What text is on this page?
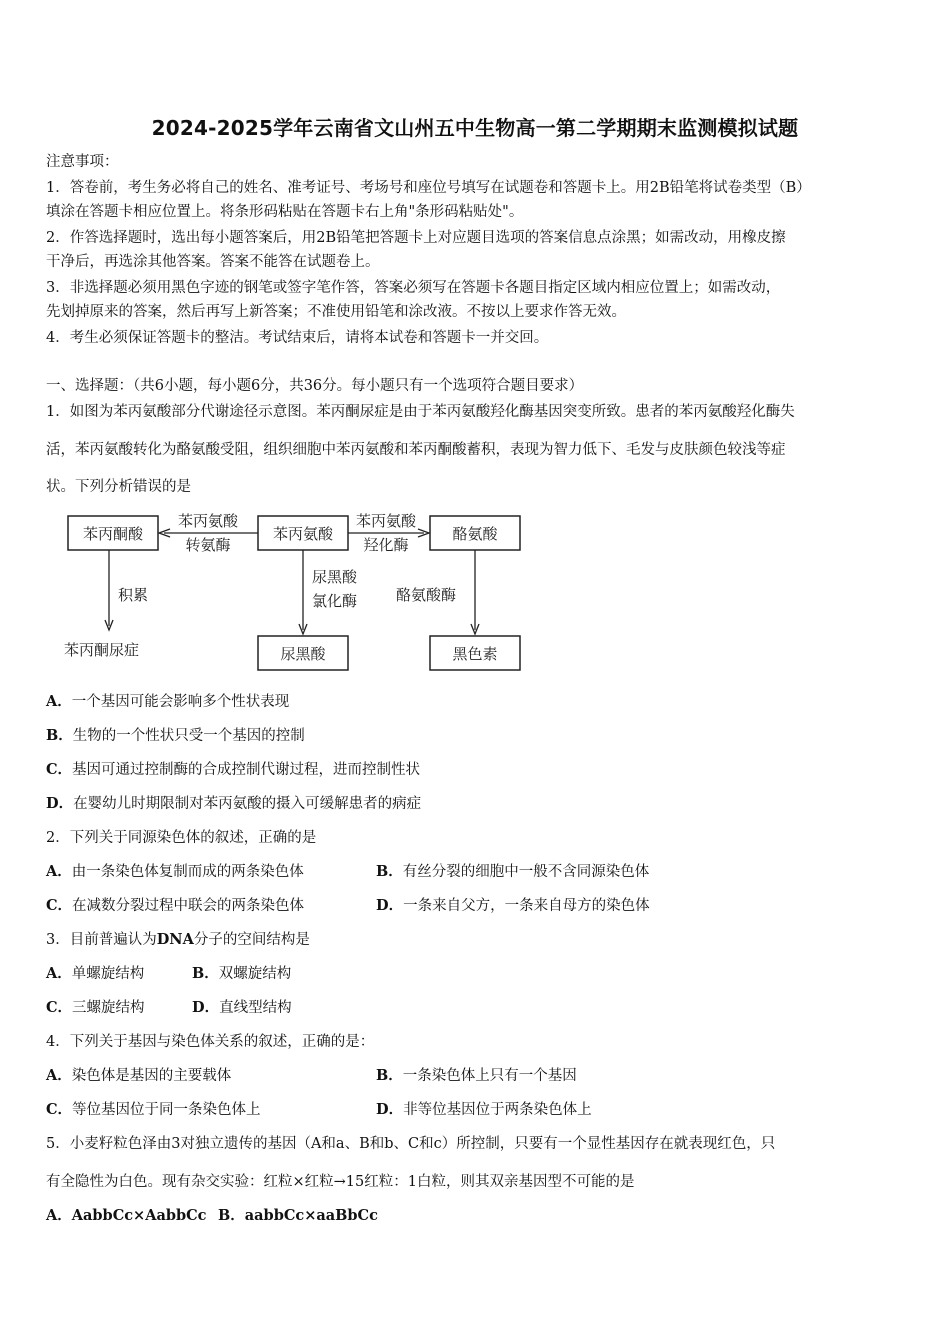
2024-2025学年云南省文山州五中生物高一第二学期期末监测模拟试题
注意事项：
1．答卷前，考生务必将自己的姓名、准考证号、考场号和座位号填写在试题卷和答题卡上。用2B铅笔将试卷类型（B）
填涂在答题卡相应位置上。将条形码粘贴在答题卡右上角"条形码粘贴处"。
2．作答选择题时，选出每小题答案后，用2B铅笔把答题卡上对应题目选项的答案信息点涂黑；如需改动，用橡皮擦
干净后，再选涂其他答案。答案不能答在试题卷上。
3．非选择题必须用黑色字迹的钢笔或签字笔作答，答案必须写在答题卡各题目指定区域内相应位置上；如需改动，
先划掉原来的答案，然后再写上新答案；不准使用铅笔和涂改液。不按以上要求作答无效。
4．考生必须保证答题卡的整洁。考试结束后，请将本试卷和答题卡一并交回。
一、选择题：（共6小题，每小题6分，共36分。每小题只有一个选项符合题目要求）
1．如图为苯丙氨酸部分代谢途径示意图。苯丙酮尿症是由于苯丙氨酸羟化酶基因突变所致。患者的苯丙氨酸羟化酶失
活，苯丙氨酸转化为酪氨酸受阻，组织细胞中苯丙氨酸和苯丙酮酸蓄积，表现为智力低下、毛发与皮肤颜色较浅等症
状。下列分析错误的是
苯丙酮酸	苯丙氨酸	酪氨酸
苯丙氨酸
转氨酶
苯丙氨酸
羟化酶
积累
苯丙酮尿症
尿黑酸
氯化酶
尿黑酸
酪氨酸酶
黑色素
A．一个基因可能会影响多个性状表现
B．生物的一个性状只受一个基因的控制
C．基因可通过控制酶的合成控制代谢过程，进而控制性状
D．在婴幼儿时期限制对苯丙氨酸的摄入可缓解患者的病症
2．下列关于同源染色体的叙述，正确的是
A．由一条染色体复制而成的两条染色体	B．有丝分裂的细胞中一般不含同源染色体
C．在减数分裂过程中联会的两条染色体	D．一条来自父方，一条来自母方的染色体
3．目前普遍认为DNA分子的空间结构是
A．单螺旋结构	B．双螺旋结构
C．三螺旋结构	D．直线型结构
4．下列关于基因与染色体关系的叙述，正确的是：
A．染色体是基因的主要载体	B．一条染色体上只有一个基因
C．等位基因位于同一条染色体上	D．非等位基因位于两条染色体上
5．小麦籽粒色泽由3对独立遗传的基因（A和a、B和b、C和c）所控制，只要有一个显性基因存在就表现红色，只
有全隐性为白色。现有杂交实验：红粒×红粒→15红粒：1白粒，则其双亲基因型不可能的是
A．AabbCc×AabbCc B．aabbCc×aaBbCc
